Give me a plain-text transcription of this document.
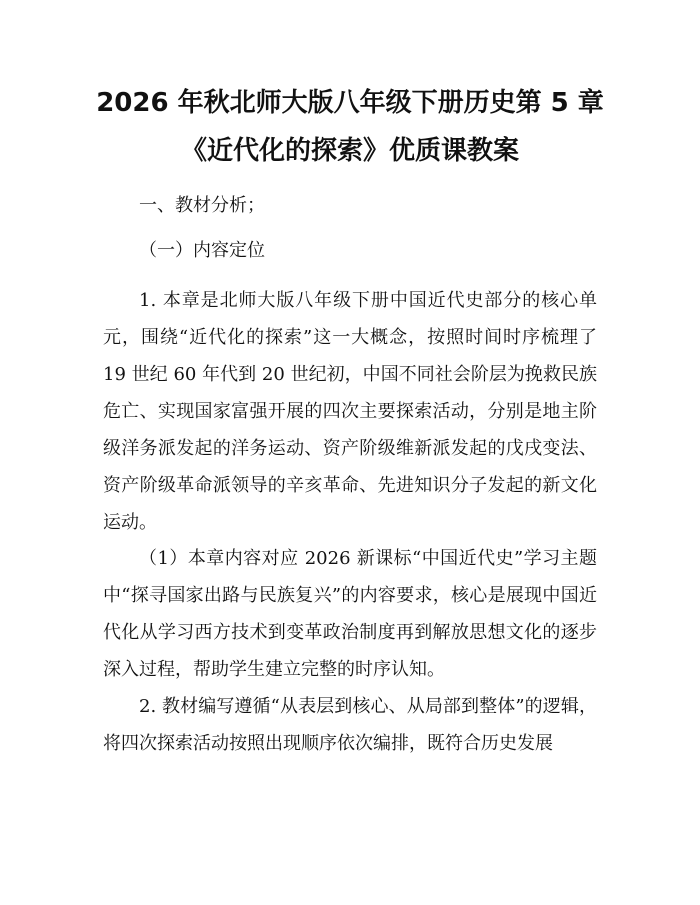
2026 年秋北师大版八年级下册历史第 5 章
《近代化的探索》优质课教案
一、教材分析；
（一）内容定位

1. 本章是北师大版八年级下册中国近代史部分的核心单元，围绕“近代化的探索”这一大概念，按照时间时序梳理了 19 世纪 60 年代到 20 世纪初，中国不同社会阶层为挽救民族危亡、实现国家富强开展的四次主要探索活动，分别是地主阶级洋务派发起的洋务运动、资产阶级维新派发起的戊戌变法、资产阶级革命派领导的辛亥革命、先进知识分子发起的新文化运动。

（1）本章内容对应 2026 新课标“中国近代史”学习主题中“探寻国家出路与民族复兴”的内容要求，核心是展现中国近代化从学习西方技术到变革政治制度再到解放思想文化的逐步深入过程，帮助学生建立完整的时序认知。

2. 教材编写遵循“从表层到核心、从局部到整体”的逻辑，将四次探索活动按照出现顺序依次编排，既符合历史发展
